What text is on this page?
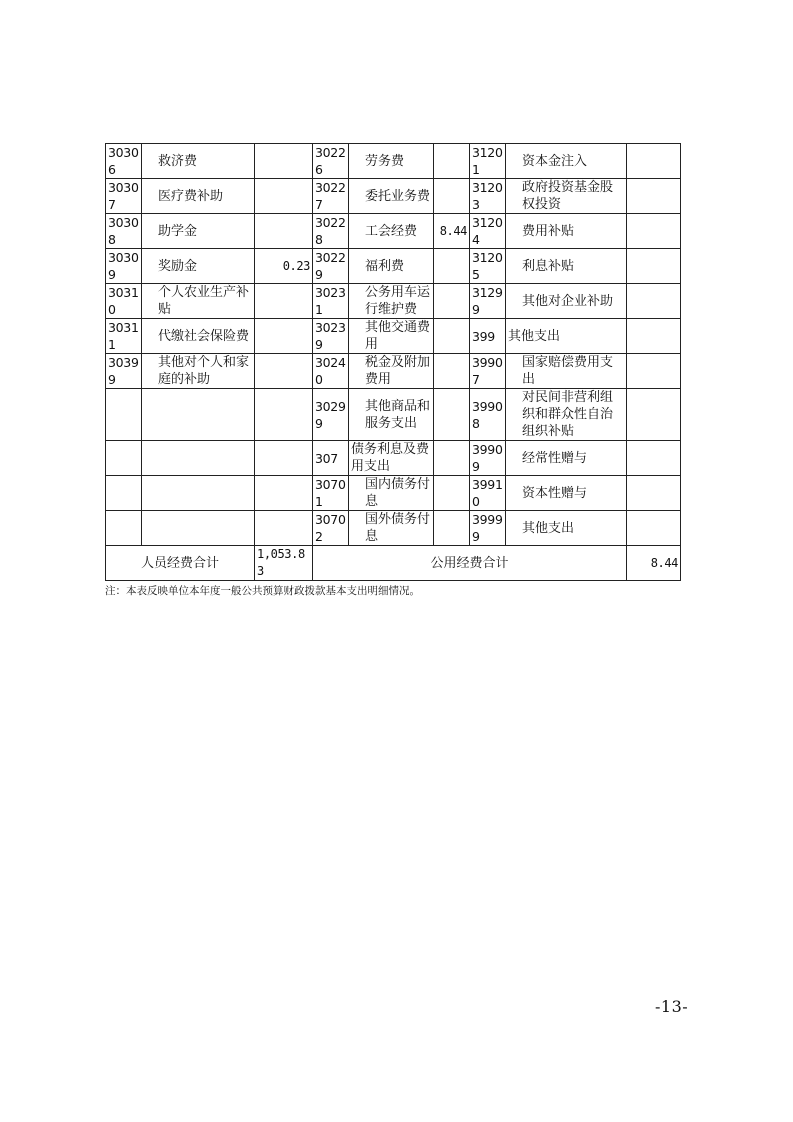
30306	救济费		30226	劳务费		31201	资本金注入	

30307	医疗费补助		30227	委托业务费		31203	政府投资基金股权投资	

30308	助学金		30228	工会经费	8.44	31204	费用补贴	

30309	奖励金	0.23	30229	福利费		31205	利息补贴	

30310	个人农业生产补贴		30231	公务用车运行维护费		31299	其他对企业补助	

30311	代缴社会保险费		30239	其他交通费用		399	其他支出	
30399	其他对个人和家庭的补助		30240	税金及附加费用		39907	国家赔偿费用支出	

		30299	其他商品和服务支出		39908	对民间非营利组织和群众性自治组织补贴	

		307	债务利息及费用支出		39909	经常性赠与	

		30701	国内债务付息		39910	资本性赠与	

		30702	国外债务付息		39999	其他支出	

人员经费合计		1,053.83	公用经费合计					8.44
注：本表反映单位本年度一般公共预算财政拨款基本支出明细情况。
-13-
